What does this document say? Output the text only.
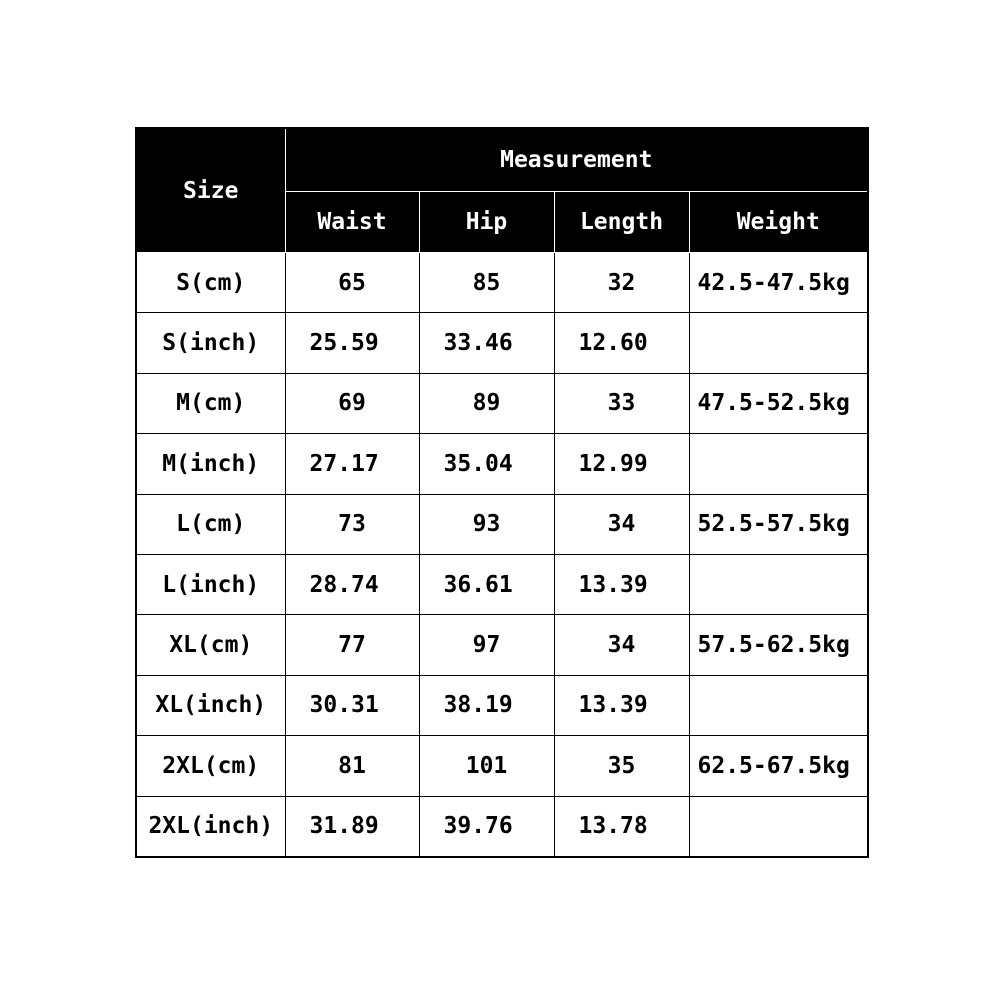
Size	Measurement			
	Waist	Hip	Length	Weight
S(cm)	65	85	32	42.5-47.5kg
S(inch)	25.59	33.46	12.60	
M(cm)	69	89	33	47.5-52.5kg
M(inch)	27.17	35.04	12.99	
L(cm)	73	93	34	52.5-57.5kg
L(inch)	28.74	36.61	13.39	
XL(cm)	77	97	34	57.5-62.5kg
XL(inch)	30.31	38.19	13.39	
2XL(cm)	81	101	35	62.5-67.5kg
2XL(inch)	31.89	39.76	13.78	
